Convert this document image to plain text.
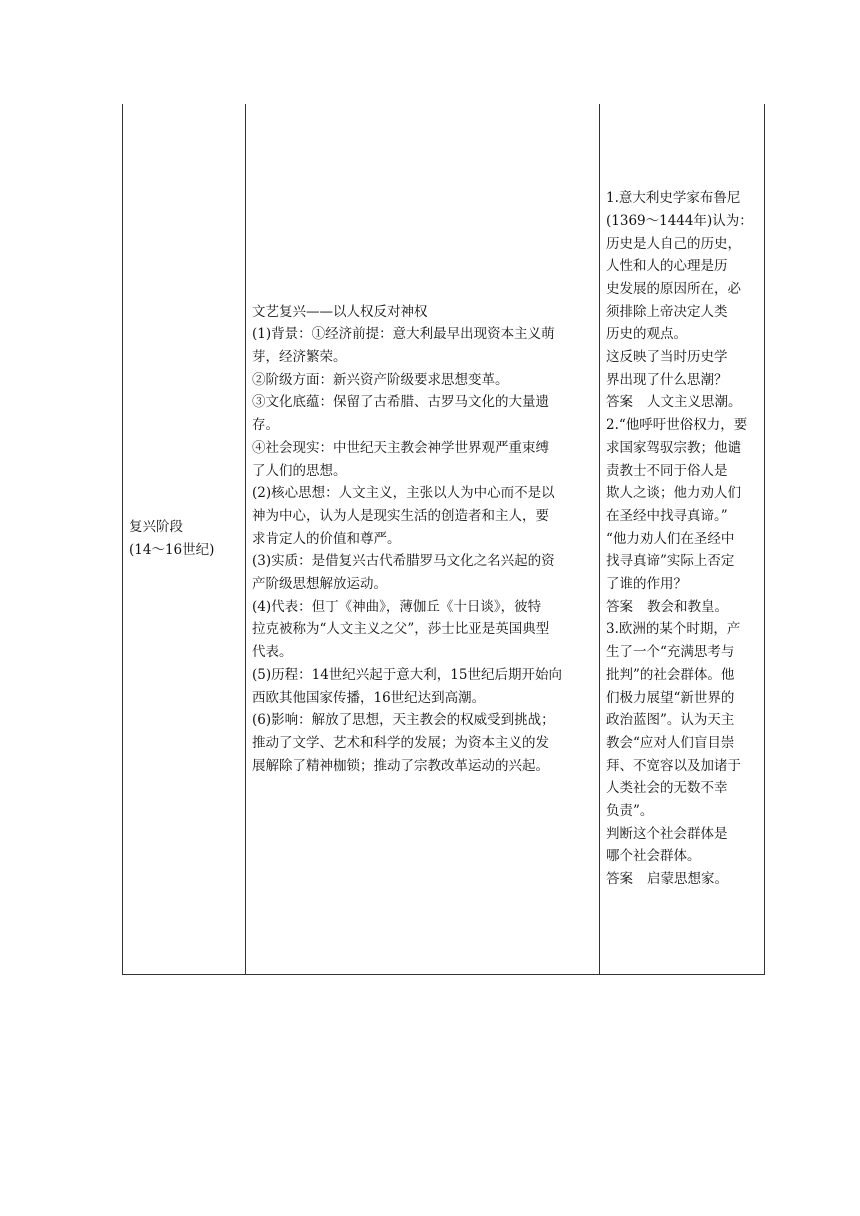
复兴阶段
(14～16世纪)

文艺复兴——以人权反对神权
(1)背景：①经济前提：意大利最早出现资本主义萌
芽，经济繁荣。
②阶级方面：新兴资产阶级要求思想变革。
③文化底蕴：保留了古希腊、古罗马文化的大量遗
存。
④社会现实：中世纪天主教会神学世界观严重束缚
了人们的思想。
(2)核心思想：人文主义，主张以人为中心而不是以
神为中心，认为人是现实生活的创造者和主人，要
求肯定人的价值和尊严。
(3)实质：是借复兴古代希腊罗马文化之名兴起的资
产阶级思想解放运动。
(4)代表：但丁《神曲》，薄伽丘《十日谈》，彼特
拉克被称为“人文主义之父”，莎士比亚是英国典型
代表。
(5)历程：14世纪兴起于意大利，15世纪后期开始向
西欧其他国家传播，16世纪达到高潮。
(6)影响：解放了思想，天主教会的权威受到挑战；
推动了文学、艺术和科学的发展；为资本主义的发
展解除了精神枷锁；推动了宗教改革运动的兴起。

1.意大利史学家布鲁尼
(1369～1444年)认为：
历史是人自己的历史，
人性和人的心理是历
史发展的原因所在，必
须排除上帝决定人类
历史的观点。
这反映了当时历史学
界出现了什么思潮？
答案 人文主义思潮。
2.“他呼吁世俗权力，要
求国家驾驭宗教；他谴
责教士不同于俗人是
欺人之谈；他力劝人们
在圣经中找寻真谛。”
“他力劝人们在圣经中
找寻真谛”实际上否定
了谁的作用？
答案 教会和教皇。
3.欧洲的某个时期，产
生了一个“充满思考与
批判”的社会群体。他
们极力展望“新世界的
政治蓝图”。认为天主
教会“应对人们盲目崇
拜、不宽容以及加诸于
人类社会的无数不幸
负责”。
判断这个社会群体是
哪个社会群体。
答案 启蒙思想家。
